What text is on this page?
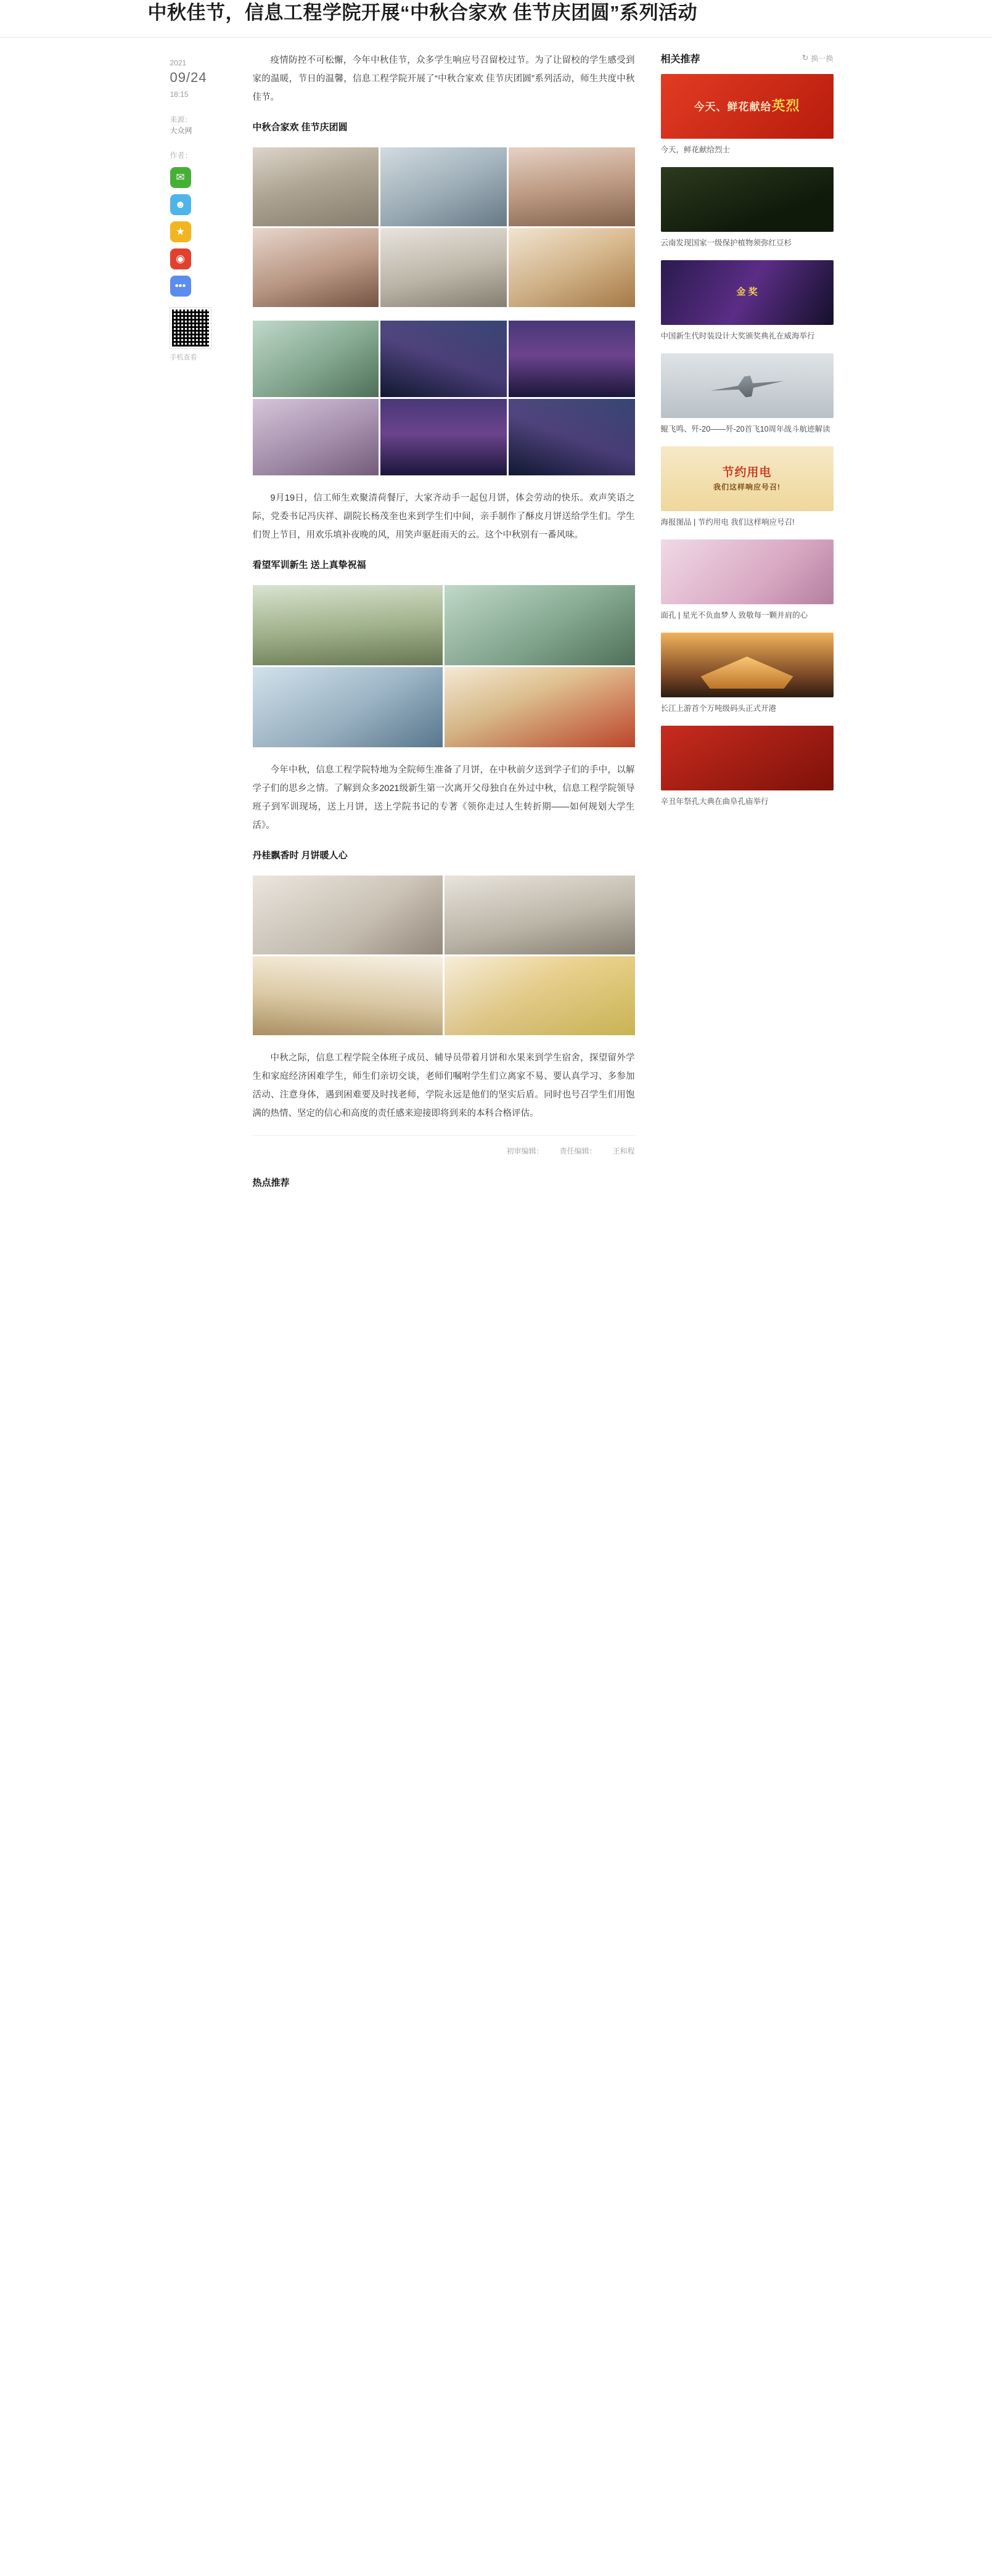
中秋佳节，信息工程学院开展“中秋合家欢 佳节庆团圆”系列活动
2021
09/24
18:15
来源：
大众网
作者：
✉
☻
★
◉
•••
手机查看

疫情防控不可松懈，今年中秋佳节，众多学生响应号召留校过节。为了让留校的学生感受到家的温暖，节日的温馨，信息工程学院开展了“中秋合家欢 佳节庆团圆”系列活动，师生共度中秋佳节。

中秋合家欢 佳节庆团圆

9月19日，信工师生欢聚清荷餐厅，大家齐动手一起包月饼，体会劳动的快乐。欢声笑语之际，党委书记冯庆祥、副院长杨茂奎也来到学生们中间，亲手制作了酥皮月饼送给学生们。学生们贺上节目，用欢乐填补夜晚的风，用笑声驱赶雨天的云。这个中秋别有一番风味。

看望军训新生 送上真挚祝福

今年中秋，信息工程学院特地为全院师生准备了月饼，在中秋前夕送到学子们的手中，以解学子们的思乡之情。了解到众多2021级新生第一次离开父母独自在外过中秋，信息工程学院领导班子到军训现场，送上月饼，送上学院书记的专著《领你走过人生转折期——如何规划大学生活》。

丹桂飘香时 月饼暖人心

中秋之际，信息工程学院全体班子成员、辅导员带着月饼和水果来到学生宿舍，探望留外学生和家庭经济困难学生，师生们亲切交谈，老师们嘱咐学生们立离家不易、要认真学习、多参加活动、注意身体，遇到困难要及时找老师，学院永远是他们的坚实后盾。同时也号召学生们用饱满的热情、坚定的信心和高度的责任感来迎接即将到来的本科合格评估。

初审编辑： 责任编辑： 王和程
热点推荐
相关推荐	↻ 换一换
今天、鲜花献给英烈
今天，鲜花献给烈士
云南发现国家一级保护植物须弥红豆杉
金 奖
中国新生代时装设计大奖颁奖典礼在威海举行
鲲飞鸣、歼-20——歼-20首飞10周年战斗航迹解读
节约用电
我们这样响应号召!
海报图品 | 节约用电 我们这样响应号召!
面孔 | 星光不负血梦人 致敬每一颗并肩的心
长江上游首个万吨级码头正式开港
辛丑年祭孔大典在曲阜孔庙举行
